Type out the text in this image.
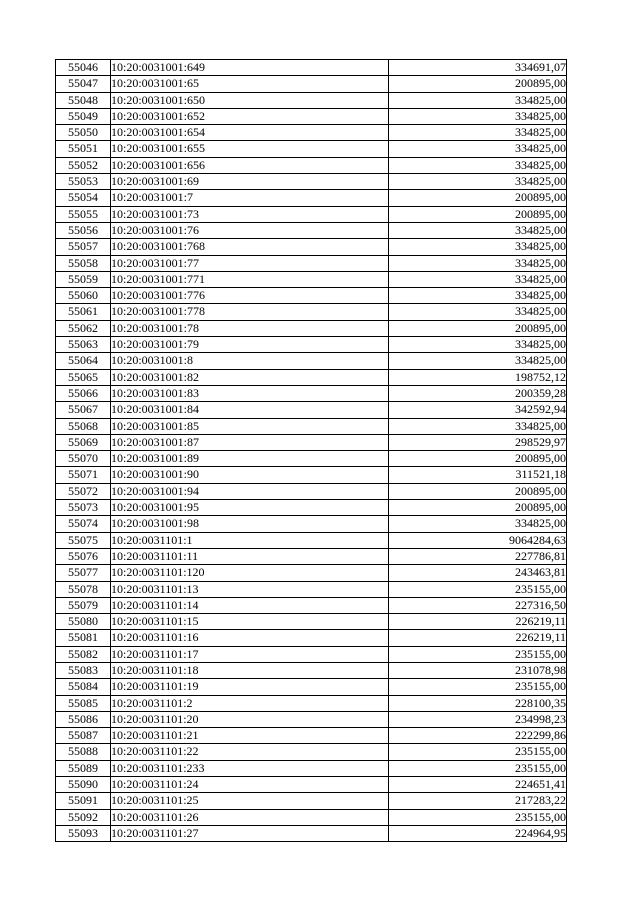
55046	10:20:0031001:649	334691,07
55047	10:20:0031001:65	200895,00
55048	10:20:0031001:650	334825,00
55049	10:20:0031001:652	334825,00
55050	10:20:0031001:654	334825,00
55051	10:20:0031001:655	334825,00
55052	10:20:0031001:656	334825,00
55053	10:20:0031001:69	334825,00
55054	10:20:0031001:7	200895,00
55055	10:20:0031001:73	200895,00
55056	10:20:0031001:76	334825,00
55057	10:20:0031001:768	334825,00
55058	10:20:0031001:77	334825,00
55059	10:20:0031001:771	334825,00
55060	10:20:0031001:776	334825,00
55061	10:20:0031001:778	334825,00
55062	10:20:0031001:78	200895,00
55063	10:20:0031001:79	334825,00
55064	10:20:0031001:8	334825,00
55065	10:20:0031001:82	198752,12
55066	10:20:0031001:83	200359,28
55067	10:20:0031001:84	342592,94
55068	10:20:0031001:85	334825,00
55069	10:20:0031001:87	298529,97
55070	10:20:0031001:89	200895,00
55071	10:20:0031001:90	311521,18
55072	10:20:0031001:94	200895,00
55073	10:20:0031001:95	200895,00
55074	10:20:0031001:98	334825,00
55075	10:20:0031101:1	9064284,63
55076	10:20:0031101:11	227786,81
55077	10:20:0031101:120	243463,81
55078	10:20:0031101:13	235155,00
55079	10:20:0031101:14	227316,50
55080	10:20:0031101:15	226219,11
55081	10:20:0031101:16	226219,11
55082	10:20:0031101:17	235155,00
55083	10:20:0031101:18	231078,98
55084	10:20:0031101:19	235155,00
55085	10:20:0031101:2	228100,35
55086	10:20:0031101:20	234998,23
55087	10:20:0031101:21	222299,86
55088	10:20:0031101:22	235155,00
55089	10:20:0031101:233	235155,00
55090	10:20:0031101:24	224651,41
55091	10:20:0031101:25	217283,22
55092	10:20:0031101:26	235155,00
55093	10:20:0031101:27	224964,95
